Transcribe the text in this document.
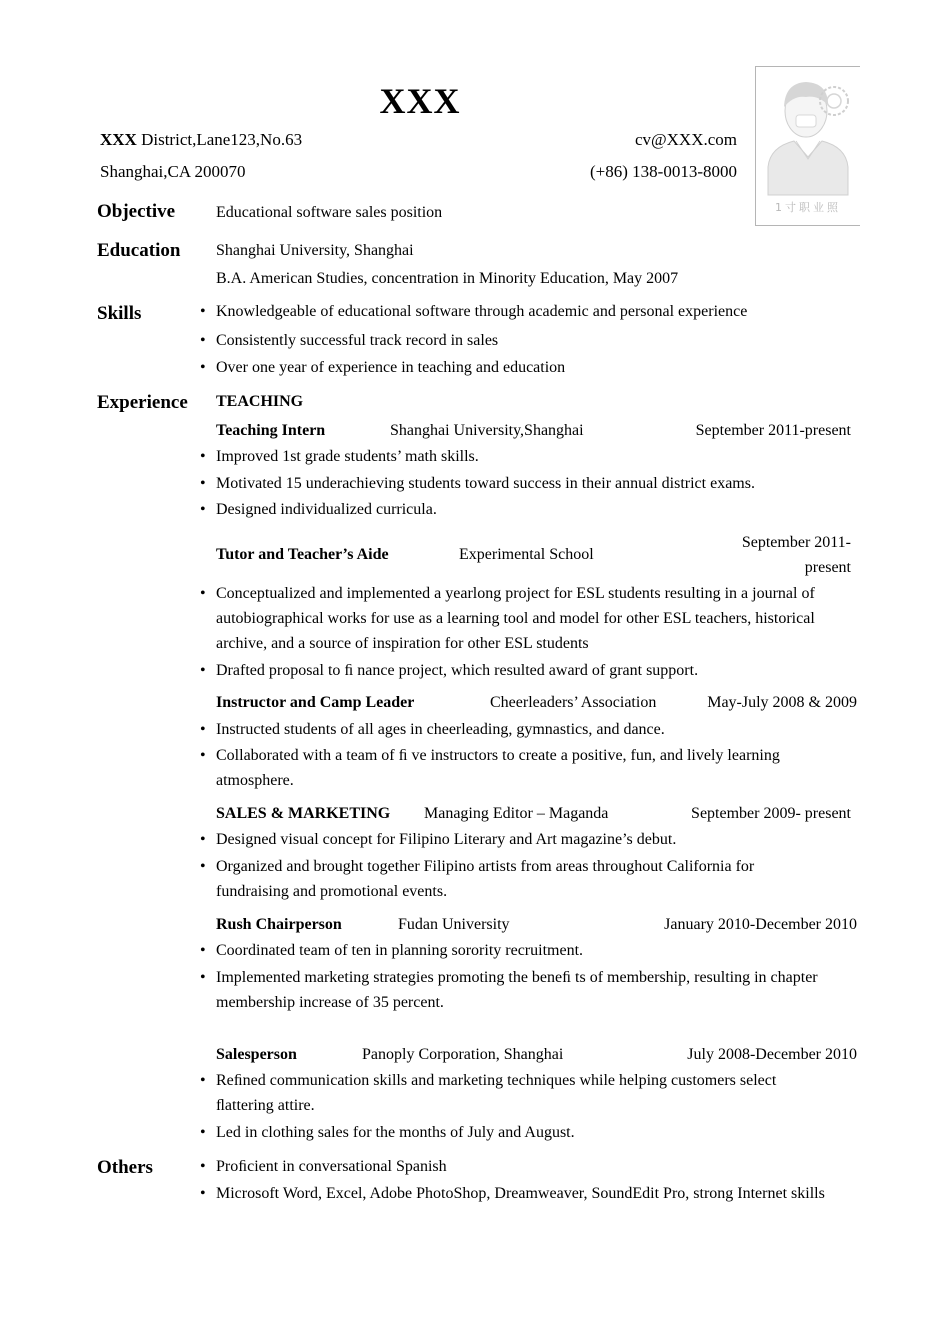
XXX
XXX District,Lane123,No.63
Shanghai,CA 200070
cv@XXX.com
(+86) 138-0013-8000
1寸职业照
Objective	Educational software sales position
Education Shanghai University, Shanghai
B.A. American Studies, concentration in Minority Education, May 2007
Skills	• Knowledgeable of educational software through academic and personal experience
• Consistently successful track record in sales
• Over one year of experience in teaching and education
Experience TEACHING
Teaching Intern	Shanghai University,Shanghai	September 2011-present
• Improved 1st grade students’ math skills.
• Motivated 15 underachieving students toward success in their annual district exams.
• Designed individualized curricula.
Tutor and Teacher’s Aide	Experimental School
September 2011-
present
• Conceptualized and implemented a yearlong project for ESL students resulting in a journal of autobiographical works for use as a learning tool and model for other ESL teachers, historical archive, and a source of inspiration for other ESL students
• Drafted proposal to ﬁ nance project, which resulted award of grant support.
Instructor and Camp Leader	Cheerleaders’ Association	May-July 2008 & 2009
• Instructed students of all ages in cheerleading, gymnastics, and dance.
• Collaborated with a team of ﬁ ve instructors to create a positive, fun, and lively learning atmosphere.
SALES & MARKETING Managing Editor – Maganda	September 2009- present
• Designed visual concept for Filipino Literary and Art magazine’s debut.
• Organized and brought together Filipino artists from areas throughout California for fundraising and promotional events.
Rush Chairperson	Fudan University	January 2010-December 2010
• Coordinated team of ten in planning sorority recruitment.
• Implemented marketing strategies promoting the beneﬁ ts of membership, resulting in chapter membership increase of 35 percent.
Salesperson	Panoply Corporation, Shanghai	July 2008-December 2010
• Reﬁned communication skills and marketing techniques while helping customers select ﬂattering attire.
• Led in clothing sales for the months of July and August.
Others	• Proﬁcient in conversational Spanish
• Microsoft Word, Excel, Adobe PhotoShop, Dreamweaver, SoundEdit Pro, strong Internet skills
